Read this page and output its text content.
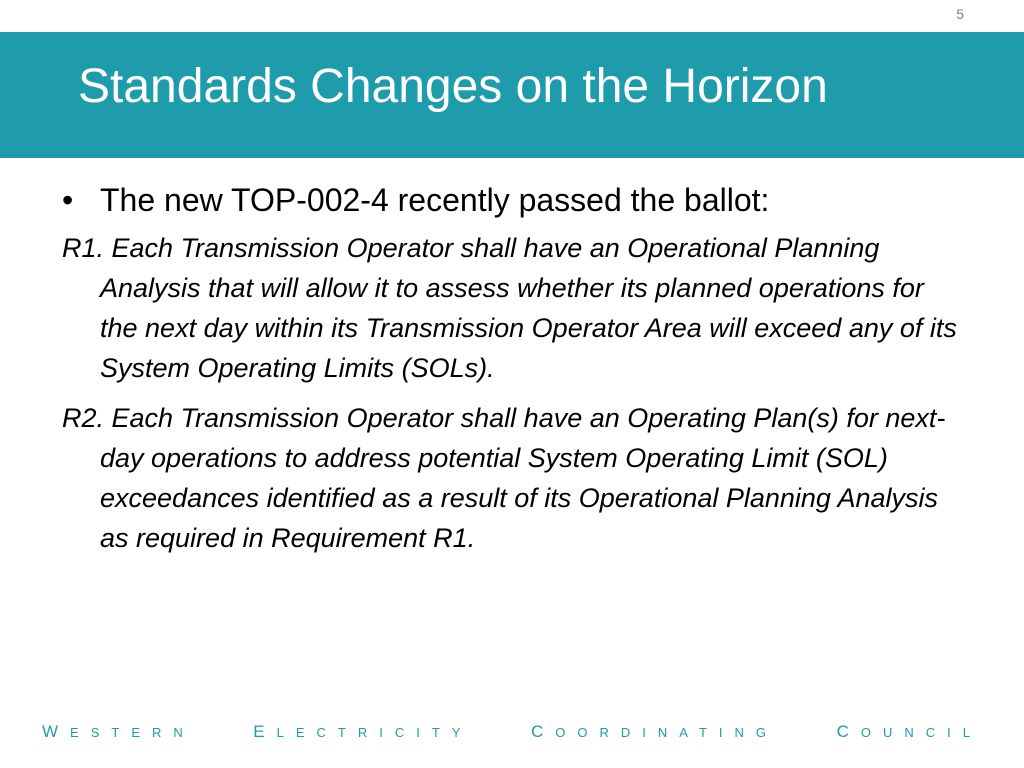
5
Standards Changes on the Horizon
• The new TOP-002-4 recently passed the ballot:

R1. Each Transmission Operator shall have an Operational Planning Analysis that will allow it to assess whether its planned operations for the next day within its Transmission Operator Area will exceed any of its System Operating Limits (SOLs).

R2. Each Transmission Operator shall have an Operating Plan(s) for next-day operations to address potential System Operating Limit (SOL) exceedances identified as a result of its Operational Planning Analysis as required in Requirement R1.

WESTERN	ELECTRICITY	COORDINATING	COUNCIL
